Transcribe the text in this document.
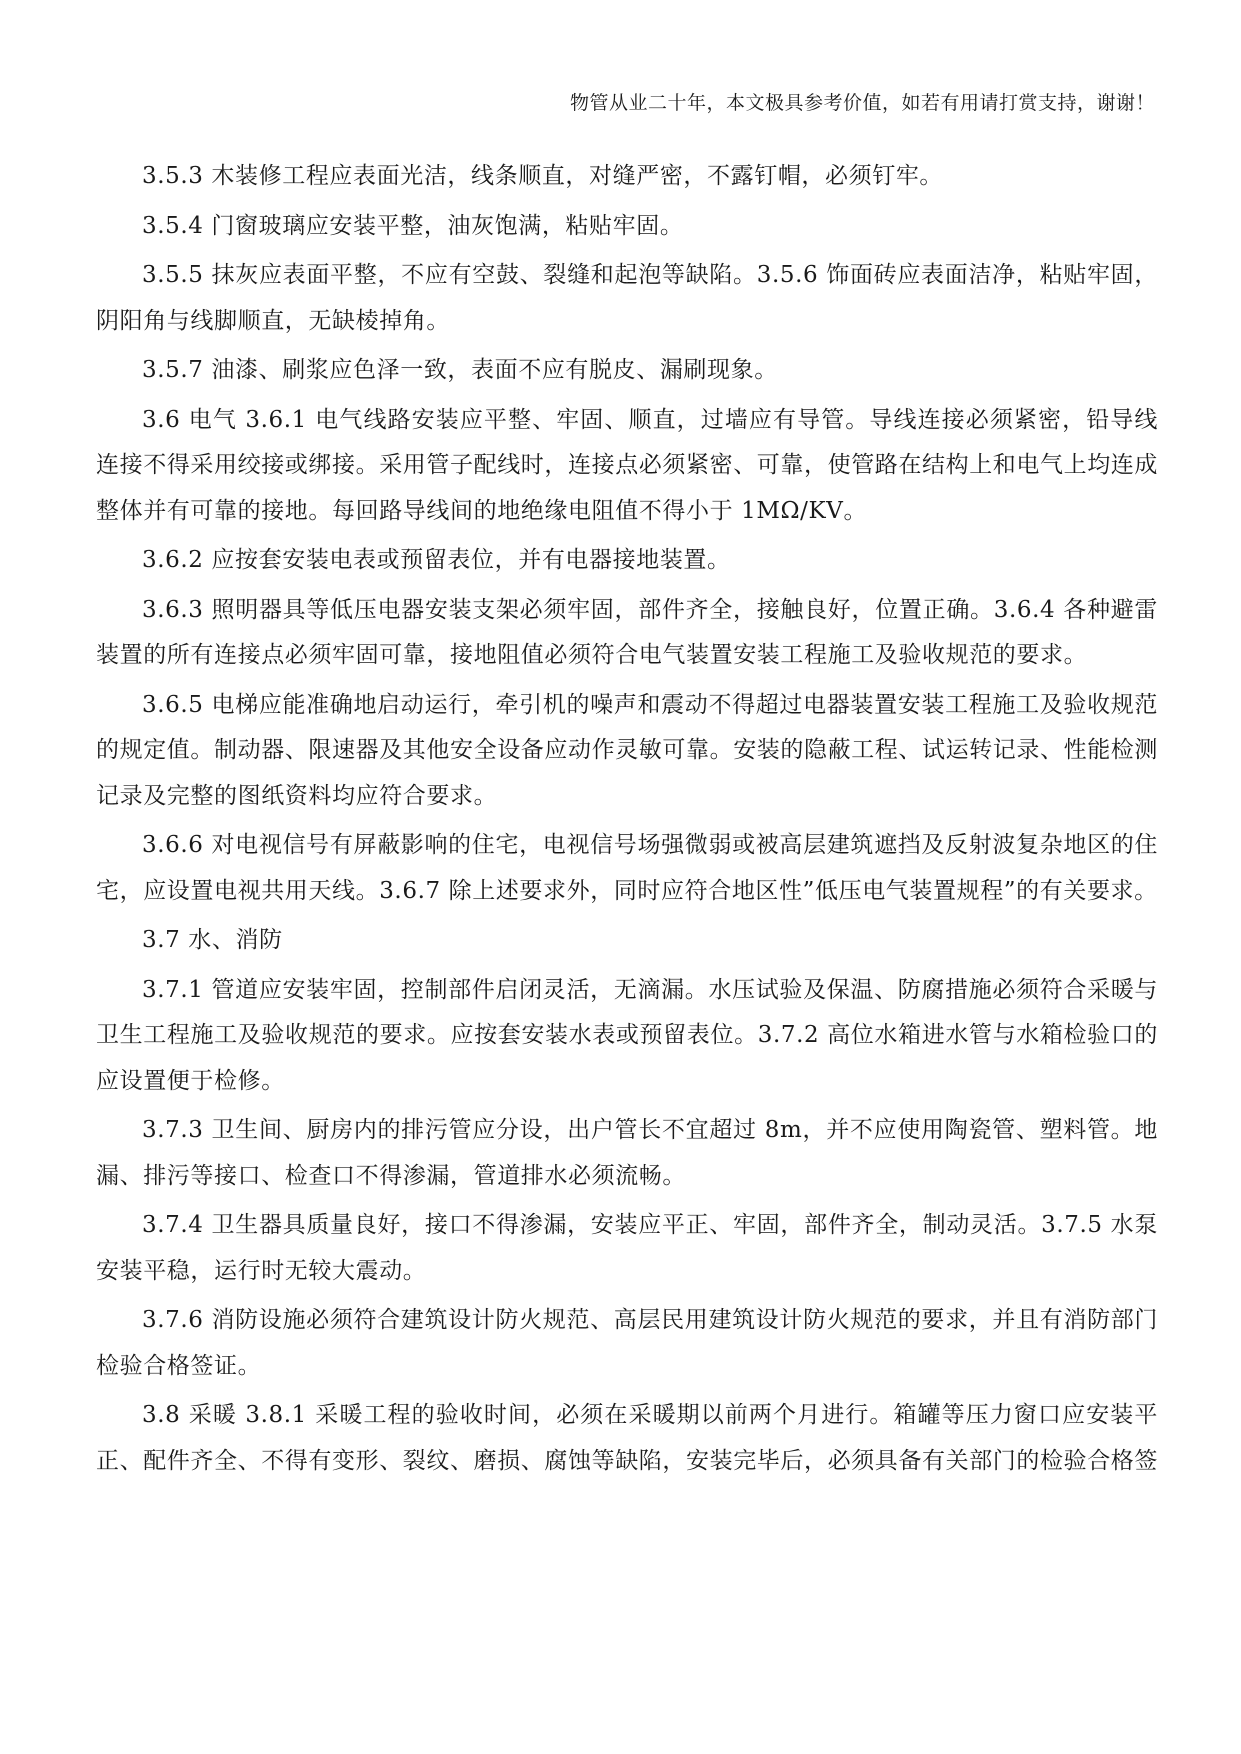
物管从业二十年，本文极具参考价值，如若有用请打赏支持，谢谢！

3.5.3 木装修工程应表面光洁，线条顺直，对缝严密，不露钉帽，必须钉牢。

3.5.4 门窗玻璃应安装平整，油灰饱满，粘贴牢固。

3.5.5 抹灰应表面平整，不应有空鼓、裂缝和起泡等缺陷。3.5.6 饰面砖应表面洁净，粘贴牢固，阴阳角与线脚顺直，无缺棱掉角。

3.5.7 油漆、刷浆应色泽一致，表面不应有脱皮、漏刷现象。

3.6 电气 3.6.1 电气线路安装应平整、牢固、顺直，过墙应有导管。导线连接必须紧密，铅导线连接不得采用绞接或绑接。采用管子配线时，连接点必须紧密、可靠，使管路在结构上和电气上均连成整体并有可靠的接地。每回路导线间的地绝缘电阻值不得小于 1MΩ/KV。

3.6.2 应按套安装电表或预留表位，并有电器接地装置。

3.6.3 照明器具等低压电器安装支架必须牢固，部件齐全，接触良好，位置正确。3.6.4 各种避雷装置的所有连接点必须牢固可靠，接地阻值必须符合电气装置安装工程施工及验收规范的要求。

3.6.5 电梯应能准确地启动运行，牵引机的噪声和震动不得超过电器装置安装工程施工及验收规范的规定值。制动器、限速器及其他安全设备应动作灵敏可靠。安装的隐蔽工程、试运转记录、性能检测记录及完整的图纸资料均应符合要求。

3.6.6 对电视信号有屏蔽影响的住宅，电视信号场强微弱或被高层建筑遮挡及反射波复杂地区的住宅，应设置电视共用天线。3.6.7 除上述要求外，同时应符合地区性”低压电气装置规程”的有关要求。

3.7 水、消防

3.7.1 管道应安装牢固，控制部件启闭灵活，无滴漏。水压试验及保温、防腐措施必须符合采暖与卫生工程施工及验收规范的要求。应按套安装水表或预留表位。3.7.2 高位水箱进水管与水箱检验口的应设置便于检修。

3.7.3 卫生间、厨房内的排污管应分设，出户管长不宜超过 8m，并不应使用陶瓷管、塑料管。地漏、排污等接口、检查口不得渗漏，管道排水必须流畅。

3.7.4 卫生器具质量良好，接口不得渗漏，安装应平正、牢固，部件齐全，制动灵活。3.7.5 水泵安装平稳，运行时无较大震动。

3.7.6 消防设施必须符合建筑设计防火规范、高层民用建筑设计防火规范的要求，并且有消防部门检验合格签证。

3.8 采暖 3.8.1 采暖工程的验收时间，必须在采暖期以前两个月进行。箱罐等压力窗口应安装平正、配件齐全、不得有变形、裂纹、磨损、腐蚀等缺陷，安装完毕后，必须具备有关部门的检验合格签
